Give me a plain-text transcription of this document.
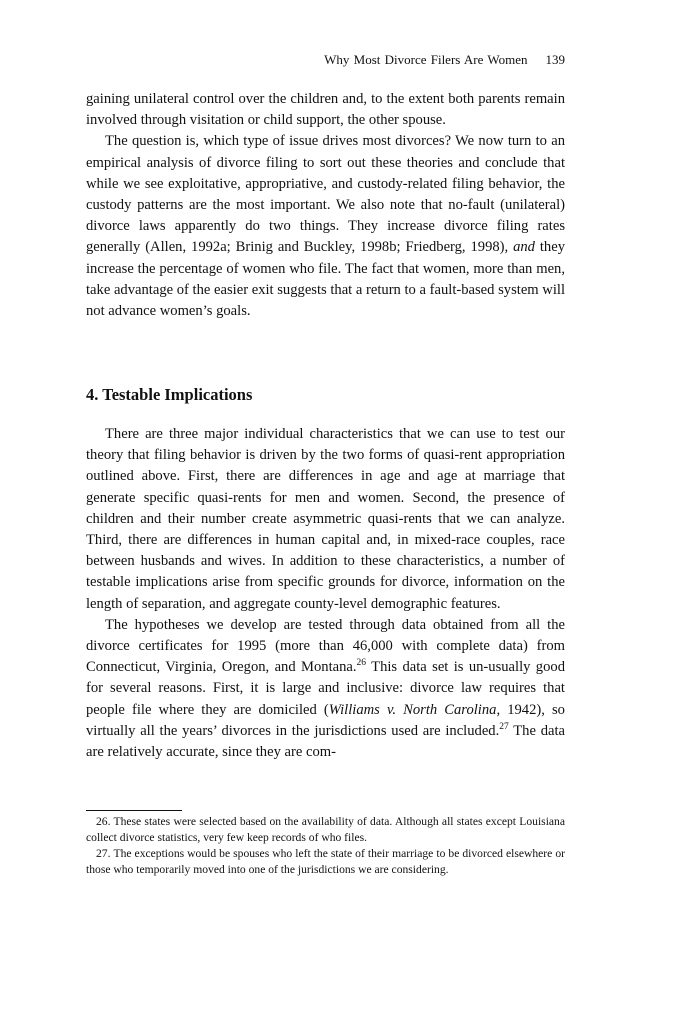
Why Most Divorce Filers Are Women 139

gaining unilateral control over the children and, to the extent both parents remain involved through visitation or child support, the other spouse.

The question is, which type of issue drives most divorces? We now turn to an empirical analysis of divorce filing to sort out these theories and conclude that while we see exploitative, appropriative, and custody-related filing behavior, the custody patterns are the most important. We also note that no-fault (unilateral) divorce laws apparently do two things. They increase divorce filing rates generally (Allen, 1992a; Brinig and Buckley, 1998b; Friedberg, 1998), and they increase the percentage of women who file. The fact that women, more than men, take advantage of the easier exit suggests that a return to a fault-based system will not advance women’s goals.

4. Testable Implications

There are three major individual characteristics that we can use to test our theory that filing behavior is driven by the two forms of quasi-rent appropriation outlined above. First, there are differences in age and age at marriage that generate specific quasi-rents for men and women. Second, the presence of children and their number create asymmetric quasi-rents that we can analyze. Third, there are differences in human capital and, in mixed-race couples, race between husbands and wives. In addition to these characteristics, a number of testable implications arise from specific grounds for divorce, information on the length of separation, and aggregate county-level demographic features.

The hypotheses we develop are tested through data obtained from all the divorce certificates for 1995 (more than 46,000 with complete data) from Connecticut, Virginia, Oregon, and Montana.$^{26}$ This data set is un-usually good for several reasons. First, it is large and inclusive: divorce law requires that people file where they are domiciled (Williams v. North Carolina, 1942), so virtually all the years’ divorces in the jurisdictions used are included.$^{27}$ The data are relatively accurate, since they are com-

26. These states were selected based on the availability of data. Although all states except Louisiana collect divorce statistics, very few keep records of who files.

27. The exceptions would be spouses who left the state of their marriage to be divorced elsewhere or those who temporarily moved into one of the jurisdictions we are considering.
